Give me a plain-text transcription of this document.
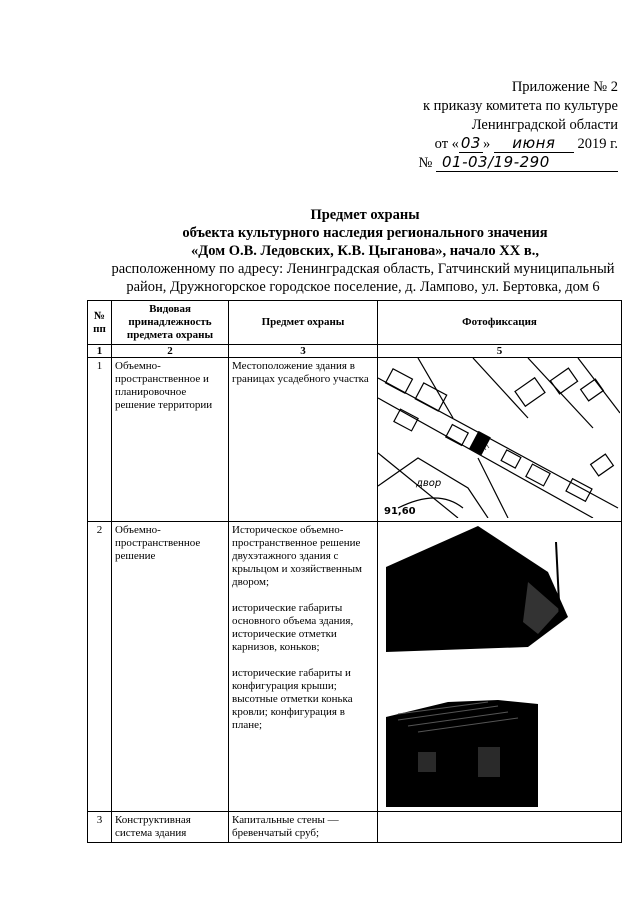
Приложение № 2
к приказу комитета по культуре
Ленинградской области
от « 03 » июня 2019 г.
№ 01-03/19-290
Предмет охраны
объекта культурного наследия регионального значения
«Дом О.В. Ледовских, К.В. Цыганова», начало XX в.,
расположенному по адресу: Ленинградская область, Гатчинский муниципальный
район, Дружногорское городское поселение, д. Лампово, ул. Бертовка, дом 6
№ пп	Видовая принадлежность предмета охраны	Предмет охраны	Фотофиксация
1	2	3	5
1	Объемно-пространственное и планировочное решение территории	Местоположение здания в границах усадебного участка	двор
91,60

2	Объемно-пространственное решение	Историческое объемно-пространственное решение двухэтажного здания с крыльцом и хозяйственным двором;

исторические габариты основного объема здания, исторические отметки карнизов, коньков;

исторические габариты и конфигурация крыши; высотные отметки конька кровли; конфигурация в плане;

3	Конструктивная система здания	Капитальные стены — бревенчатый сруб;	
